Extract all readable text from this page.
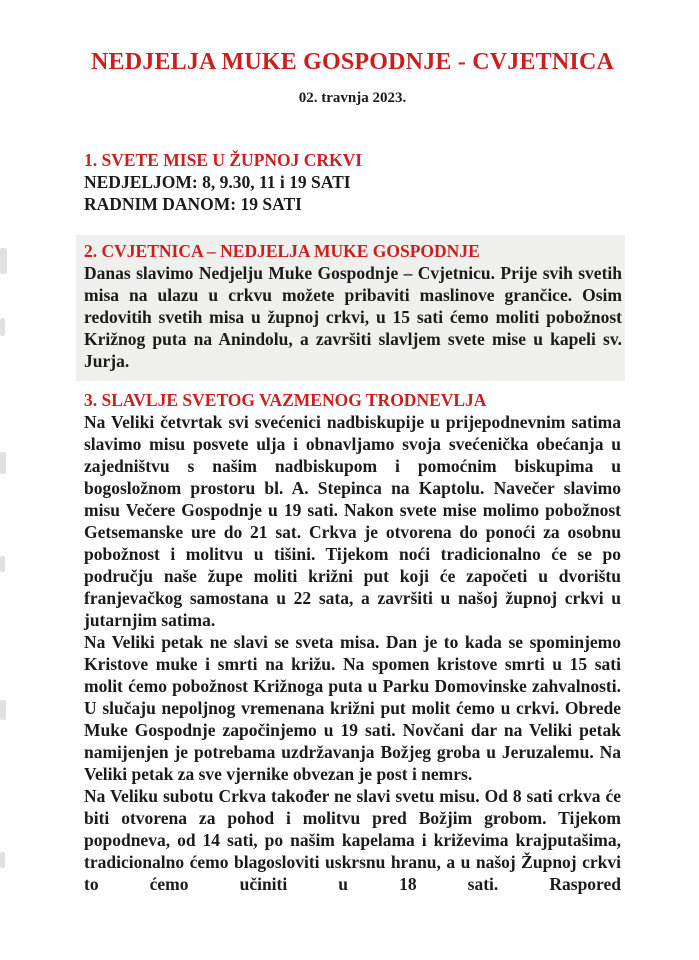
NEDJELJA MUKE GOSPODNJE - CVJETNICA
02. travnja 2023.
1. SVETE MISE U ŽUPNOJ CRKVI
NEDJELJOM: 8, 9.30, 11 i 19 SATI
RADNIM DANOM: 19 SATI
2. CVJETNICA – NEDJELJA MUKE GOSPODNJE
Danas slavimo Nedjelju Muke Gospodnje – Cvjetnicu. Prije svih svetih misa na ulazu u crkvu možete pribaviti maslinove grančice. Osim redovitih svetih misa u župnoj crkvi, u 15 sati ćemo moliti pobožnost Križnog puta na Anindolu, a završiti slavljem svete mise u kapeli sv. Jurja.
3. SLAVLJE SVETOG VAZMENOG TRODNEVLJA
Na Veliki četvrtak svi svećenici nadbiskupije u prijepodnevnim satima slavimo misu posvete ulja i obnavljamo svoja svećenička obećanja u zajedništvu s našim nadbiskupom i pomoćnim biskupima u bogosložnom prostoru bl. A. Stepinca na Kaptolu. Navečer slavimo misu Večere Gospodnje u 19 sati. Nakon svete mise molimo pobožnost Getsemanske ure do 21 sat. Crkva je otvorena do ponoći za osobnu pobožnost i molitvu u tišini. Tijekom noći tradicionalno će se po području naše župe moliti križni put koji će započeti u dvorištu franjevačkog samostana u 22 sata, a završiti u našoj župnoj crkvi u jutarnjim satima.
Na Veliki petak ne slavi se sveta misa. Dan je to kada se spominjemo Kristove muke i smrti na križu. Na spomen kristove smrti u 15 sati molit ćemo pobožnost Križnoga puta u Parku Domovinske zahvalnosti. U slučaju nepoljnog vremenana križni put molit ćemo u crkvi. Obrede Muke Gospodnje započinjemo u 19 sati. Novčani dar na Veliki petak namijenjen je potrebama uzdržavanja Božjeg groba u Jeruzalemu. Na Veliki petak za sve vjernike obvezan je post i nemrs.
Na Veliku subotu Crkva također ne slavi svetu misu. Od 8 sati crkva će biti otvorena za pohod i molitvu pred Božjim grobom. Tijekom popodneva, od 14 sati, po našim kapelama i križevima krajputašima, tradicionalno ćemo blagosloviti uskrsnu hranu, a u našoj Župnoj crkvi to ćemo učiniti u 18 sati. Raspored
